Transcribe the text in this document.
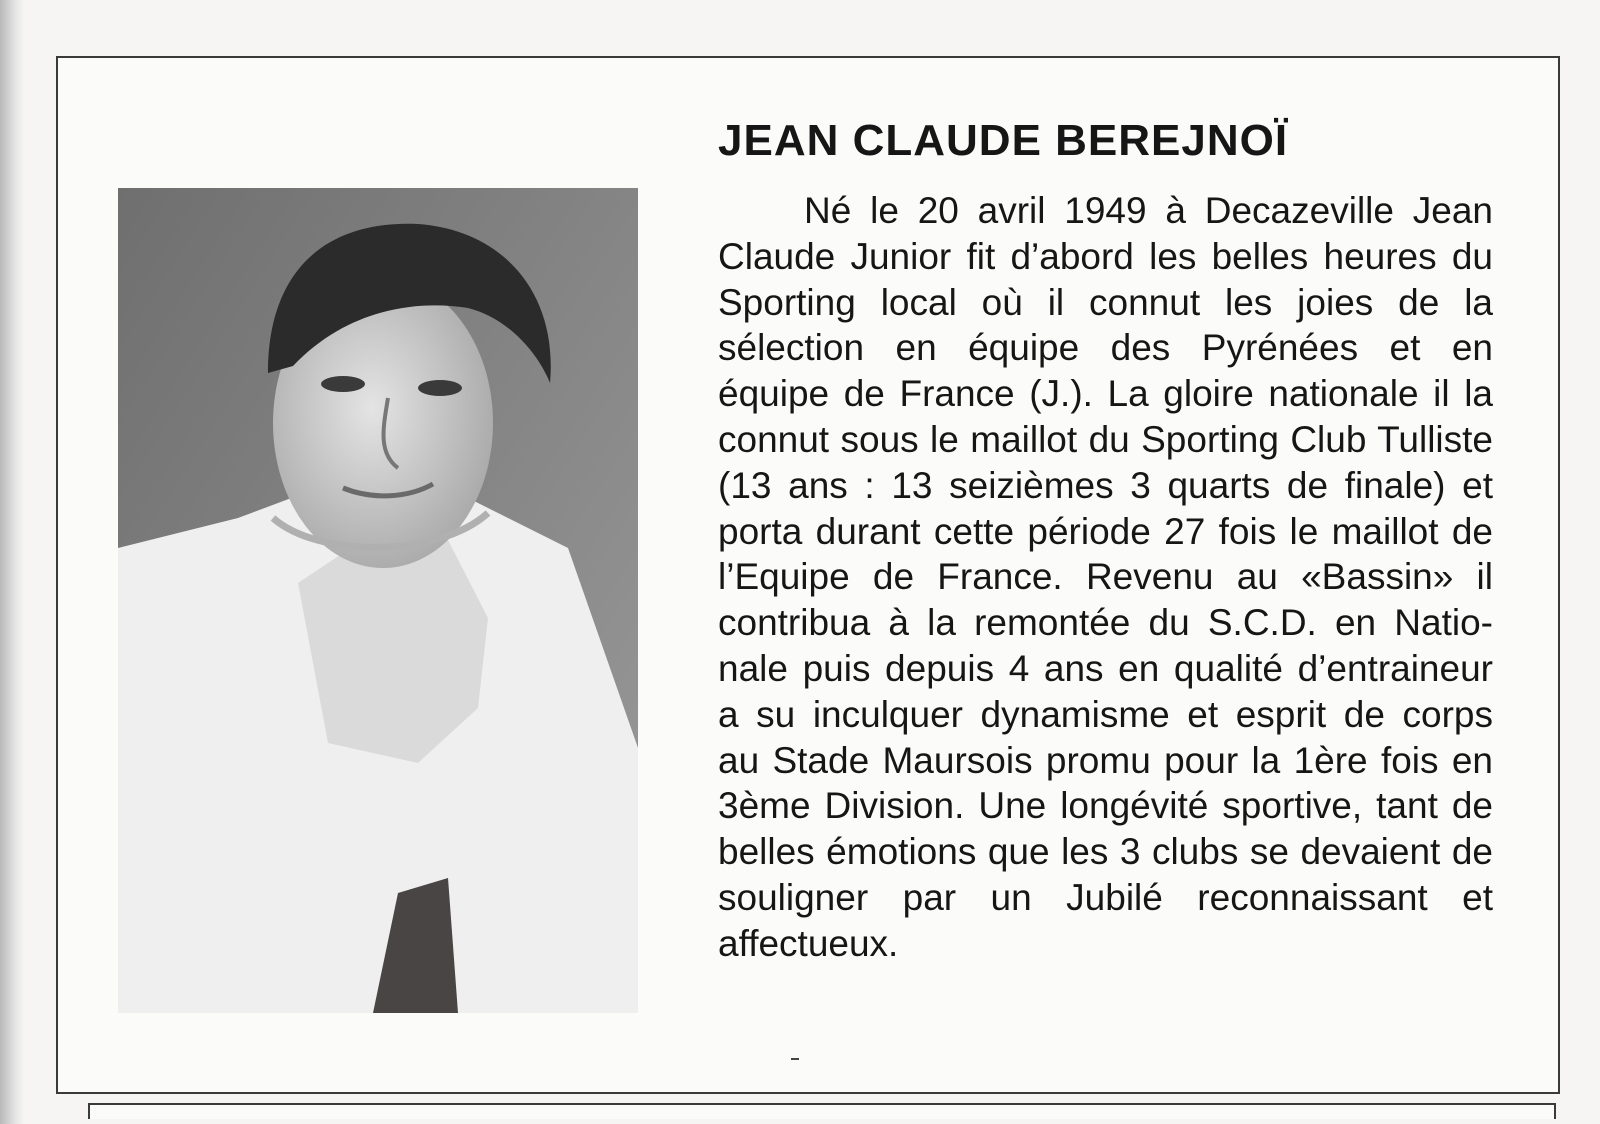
JEAN CLAUDE BEREJNOÏ

Né le 20 avril 1949 à Decazeville Jean Claude Junior fit d’abord les belles heures du Sporting local où il connut les joies de la sélection en équipe des Pyrénées et en équipe de France (J.). La gloire nationale il la connut sous le maillot du Sporting Club Tulliste (13 ans : 13 seizièmes 3 quarts de finale) et porta durant cette période 27 fois le maillot de l’Equipe de France. Revenu au «Bassin» il contribua à la remontée du S.C.D. en Nationale puis depuis 4 ans en qualité d’entraineur a su inculquer dynamisme et esprit de corps au Stade Maursois promu pour la 1ère fois en 3ème Division. Une longévité sportive, tant de belles émotions que les 3 clubs se devaient de souligner par un Jubilé reconnaissant et affectueux.
